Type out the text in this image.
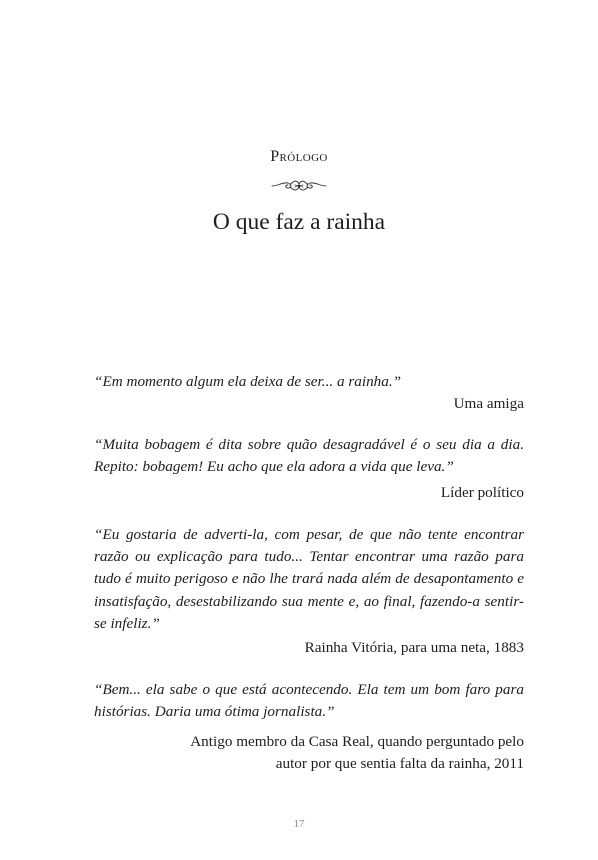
Prólogo
O que faz a rainha

“Em momento algum ela deixa de ser... a rainha.”

Uma amiga

“Muita bobagem é dita sobre quão desagradável é o seu dia a dia. Repito: bobagem! Eu acho que ela adora a vida que leva.”

Líder político

“Eu gostaria de adverti-la, com pesar, de que não tente encontrar razão ou explicação para tudo... Tentar encontrar uma razão para tudo é muito perigoso e não lhe trará nada além de desapontamento e insatisfação, desestabilizando sua mente e, ao final, fazendo-a sentir-se infeliz.”

Rainha Vitória, para uma neta, 1883

“Bem... ela sabe o que está acontecendo. Ela tem um bom faro para histórias. Daria uma ótima jornalista.”

Antigo membro da Casa Real, quando perguntado pelo

autor por que sentia falta da rainha, 2011

17
